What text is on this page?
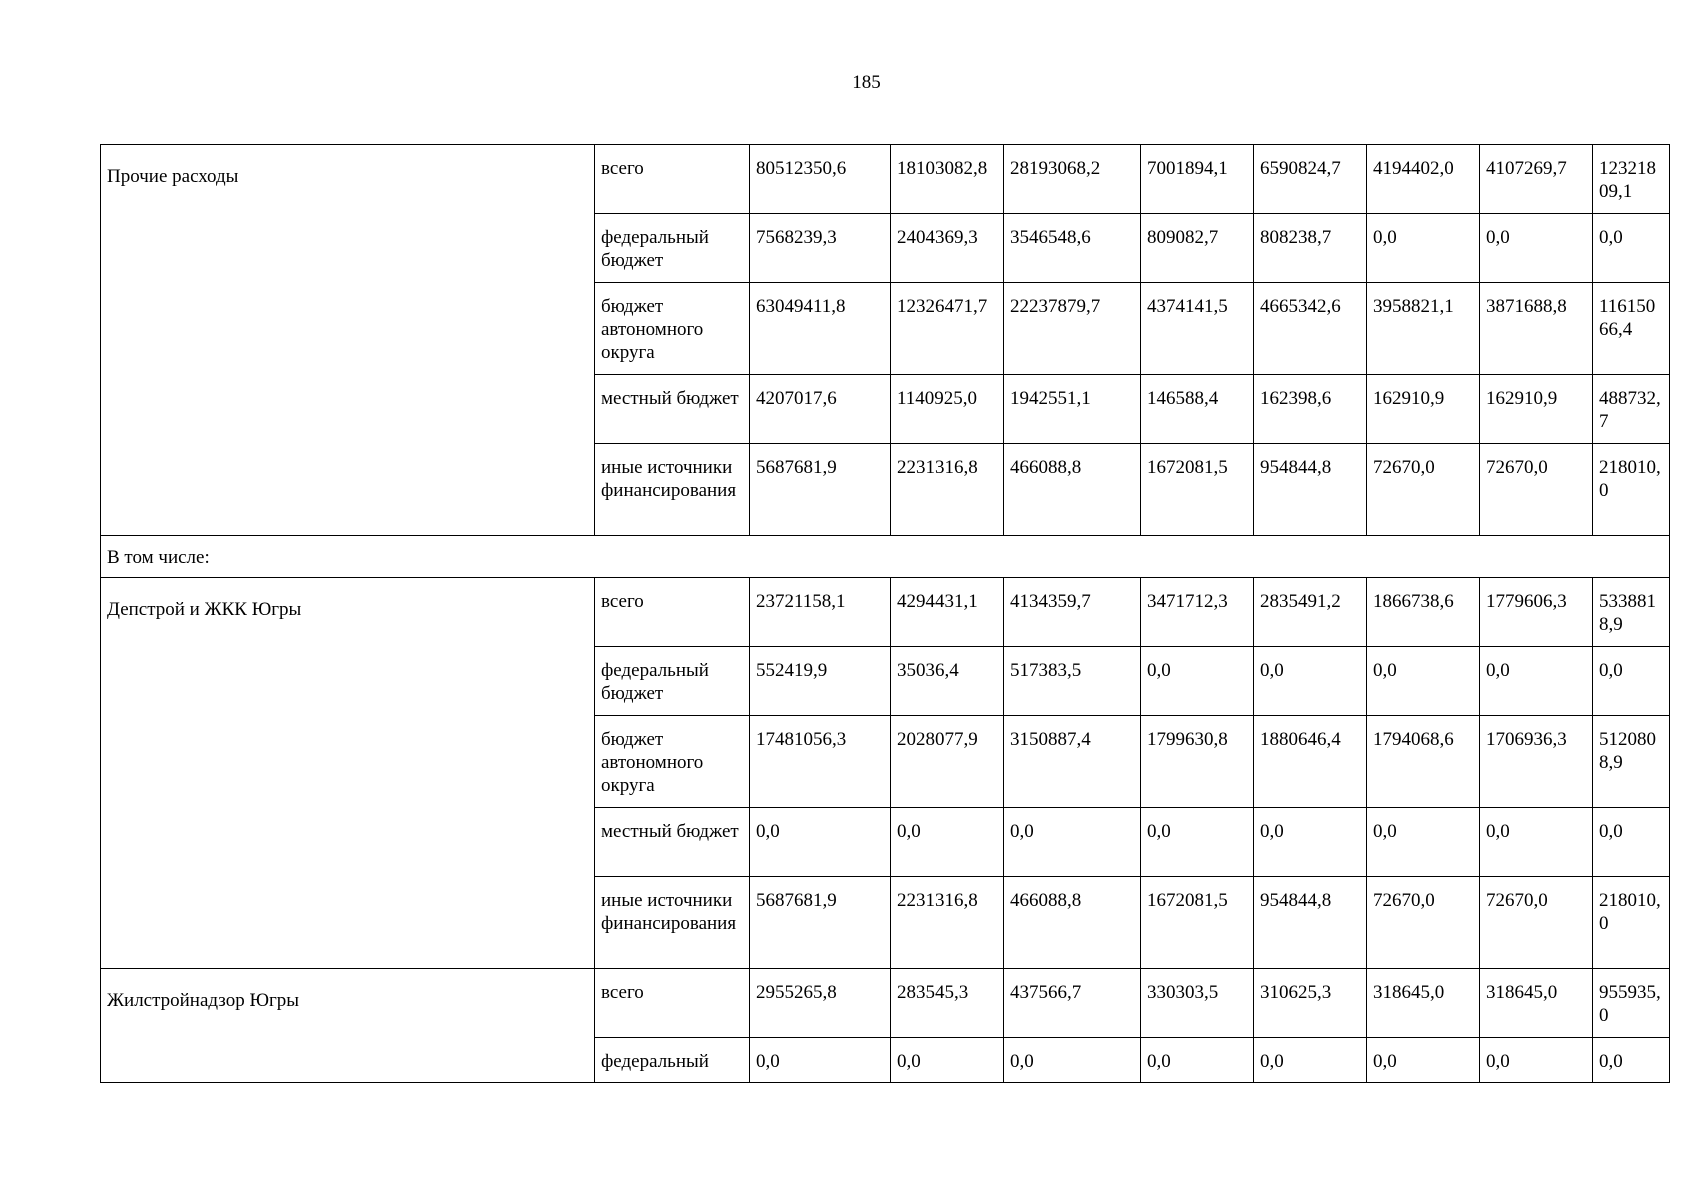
185
Прочие расходы	всего	80512350,6	18103082,8	28193068,2	7001894,1	6590824,7	4194402,0	4107269,7	12321809,1
	федеральный бюджет	7568239,3	2404369,3	3546548,6	809082,7	808238,7	0,0	0,0	0,0
	бюджет автономного округа	63049411,8	12326471,7	22237879,7	4374141,5	4665342,6	3958821,1	3871688,8	11615066,4
	местный бюджет	4207017,6	1140925,0	1942551,1	146588,4	162398,6	162910,9	162910,9	488732,7
	иные источники финансирования	5687681,9	2231316,8	466088,8	1672081,5	954844,8	72670,0	72670,0	218010,0
В том числе:									
Депстрой и ЖКК Югры	всего	23721158,1	4294431,1	4134359,7	3471712,3	2835491,2	1866738,6	1779606,3	5338818,9
	федеральный бюджет	552419,9	35036,4	517383,5	0,0	0,0	0,0	0,0	0,0
	бюджет автономного округа	17481056,3	2028077,9	3150887,4	1799630,8	1880646,4	1794068,6	1706936,3	5120808,9
	местный бюджет	0,0	0,0	0,0	0,0	0,0	0,0	0,0	0,0
	иные источники финансирования	5687681,9	2231316,8	466088,8	1672081,5	954844,8	72670,0	72670,0	218010,0
Жилстройнадзор Югры	всего	2955265,8	283545,3	437566,7	330303,5	310625,3	318645,0	318645,0	955935,0
	федеральный	0,0	0,0	0,0	0,0	0,0	0,0	0,0	0,0
